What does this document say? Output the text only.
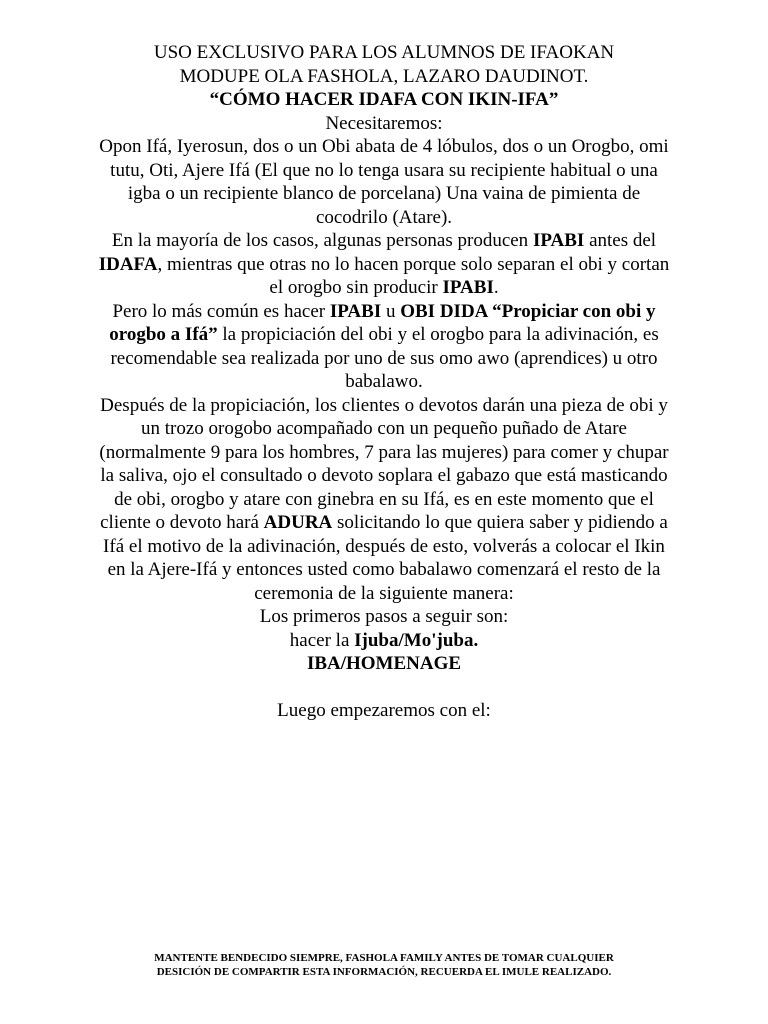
USO EXCLUSIVO PARA LOS ALUMNOS DE IFAOKAN

MODUPE OLA FASHOLA, LAZARO DAUDINOT.

“CÓMO HACER IDAFA CON IKIN-IFA”

Necesitaremos:

Opon Ifá, Iyerosun, dos o un Obi abata de 4 lóbulos, dos o un Orogbo, omi tutu, Oti, Ajere Ifá (El que no lo tenga usara su recipiente habitual o una igba o un recipiente blanco de porcelana) Una vaina de pimienta de cocodrilo (Atare).

En la mayoría de los casos, algunas personas producen IPABI antes del IDAFA, mientras que otras no lo hacen porque solo separan el obi y cortan el orogbo sin producir IPABI.

Pero lo más común es hacer IPABI u OBI DIDA “Propiciar con obi y orogbo a Ifá” la propiciación del obi y el orogbo para la adivinación, es recomendable sea realizada por uno de sus omo awo (aprendices) u otro babalawo.

Después de la propiciación, los clientes o devotos darán una pieza de obi y un trozo orogobo acompañado con un pequeño puñado de Atare (normalmente 9 para los hombres, 7 para las mujeres) para comer y chupar la saliva, ojo el consultado o devoto soplara el gabazo que está masticando de obi, orogbo y atare con ginebra en su Ifá, es en este momento que el cliente o devoto hará ADURA solicitando lo que quiera saber y pidiendo a Ifá el motivo de la adivinación, después de esto, volverás a colocar el Ikin en la Ajere-Ifá y entonces usted como babalawo comenzará el resto de la ceremonia de la siguiente manera:

Los primeros pasos a seguir son:

hacer la Ijuba/Mo'juba.

IBA/HOMENAGE

Luego empezaremos con el:

MANTENTE BENDECIDO SIEMPRE, FASHOLA FAMILY ANTES DE TOMAR CUALQUIER
DESICIÓN DE COMPARTIR ESTA INFORMACIÓN, RECUERDA EL IMULE REALIZADO.
